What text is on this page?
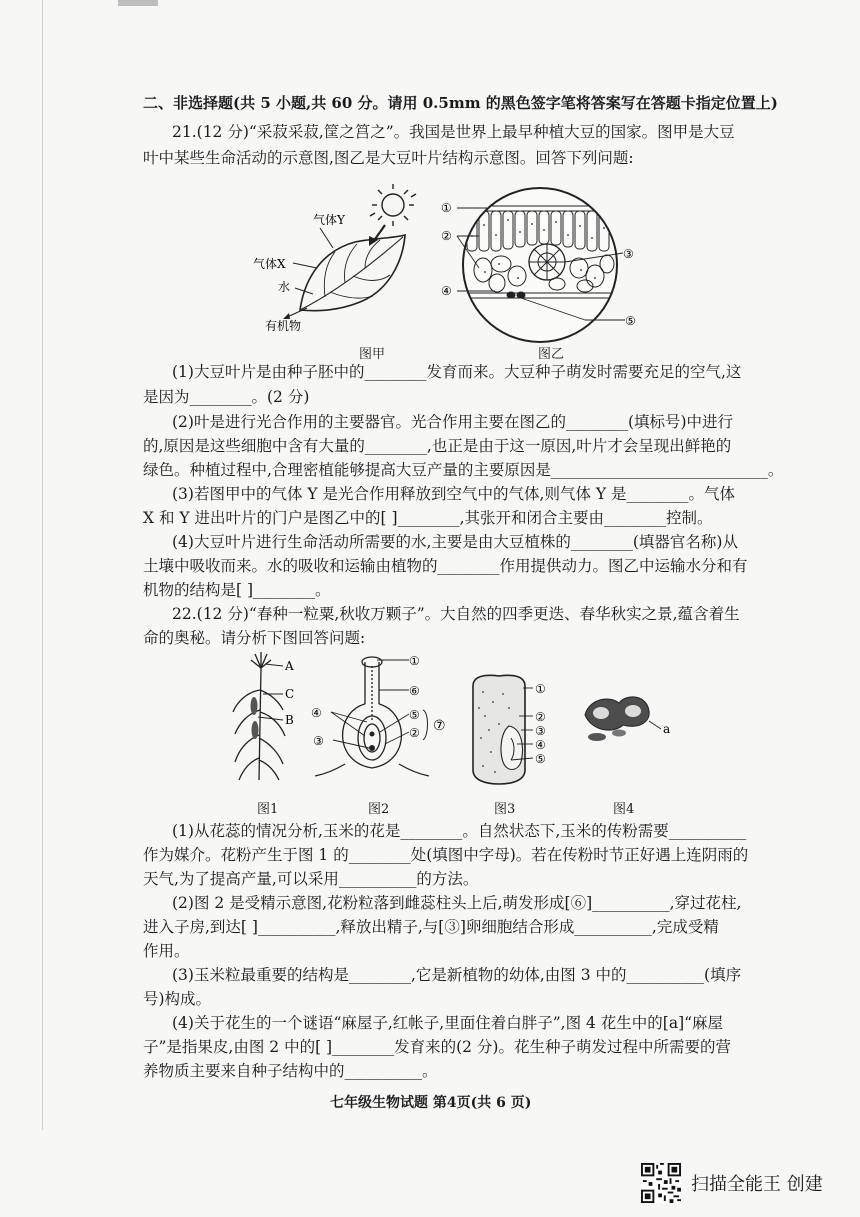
二、非选择题(共 5 小题,共 60 分。请用 0.5mm 的黑色签字笔将答案写在答题卡指定位置上)
21.(12 分)“采菽采菽,筐之筥之”。我国是世界上最早种植大豆的国家。图甲是大豆
叶中某些生命活动的示意图,图乙是大豆叶片结构示意图。回答下列问题:
气体Y
气体X
水
有机物
图甲
①
②
③
④
⑤
图乙
(1)大豆叶片是由种子胚中的________发育而来。大豆种子萌发时需要充足的空气,这
是因为________。(2 分)
(2)叶是进行光合作用的主要器官。光合作用主要在图乙的________(填标号)中进行
的,原因是这些细胞中含有大量的________,也正是由于这一原因,叶片才会呈现出鲜艳的
绿色。种植过程中,合理密植能够提高大豆产量的主要原因是____________________________。
(3)若图甲中的气体 Y 是光合作用释放到空气中的气体,则气体 Y 是________。气体
X 和 Y 进出叶片的门户是图乙中的[ ]________,其张开和闭合主要由________控制。
(4)大豆叶片进行生命活动所需要的水,主要是由大豆植株的________(填器官名称)从
土壤中吸收而来。水的吸收和运输由植物的________作用提供动力。图乙中运输水分和有
机物的结构是[ ]________。
22.(12 分)“春种一粒粟,秋收万颗子”。大自然的四季更迭、春华秋实之景,蕴含着生
命的奥秘。请分析下图回答问题:
A
C
B
图1
①
⑥
④	⑤
⑦
③
②
图2
①
②
③
④
⑤
图3
a
图4
(1)从花蕊的情况分析,玉米的花是________。自然状态下,玉米的传粉需要__________
作为媒介。花粉产生于图 1 的________处(填图中字母)。若在传粉时节正好遇上连阴雨的
天气,为了提高产量,可以采用__________的方法。
(2)图 2 是受精示意图,花粉粒落到雌蕊柱头上后,萌发形成[⑥]__________,穿过花柱,
进入子房,到达[ ]__________,释放出精子,与[③]卵细胞结合形成__________,完成受精
作用。
(3)玉米粒最重要的结构是________,它是新植物的幼体,由图 3 中的__________(填序
号)构成。
(4)关于花生的一个谜语“麻屋子,红帐子,里面住着白胖子”,图 4 花生中的[a]“麻屋
子”是指果皮,由图 2 中的[ ]________发育来的(2 分)。花生种子萌发过程中所需要的营
养物质主要来自种子结构中的__________。
七年级生物试题 第4页(共 6 页)
扫描全能王 创建
